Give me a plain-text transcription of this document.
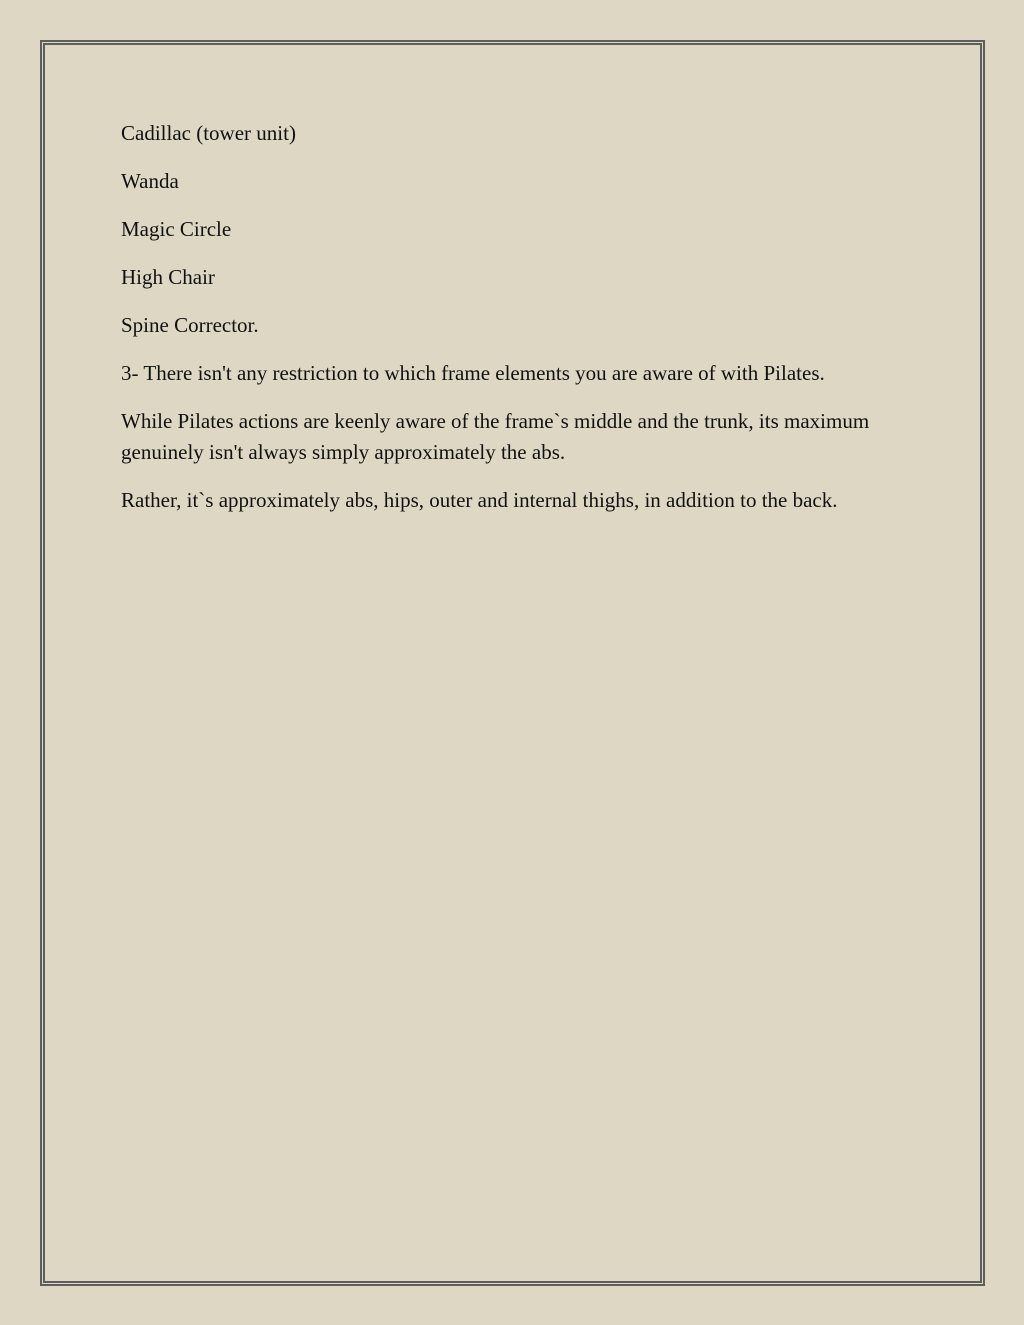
Cadillac (tower unit)

Wanda

Magic Circle

High Chair

Spine Corrector.

3- There isn't any restriction to which frame elements you are aware of with Pilates.

While Pilates actions are keenly aware of the frame`s middle and the trunk, its maximum genuinely isn't always simply approximately the abs.

Rather, it`s approximately abs, hips, outer and internal thighs, in addition to the back.
